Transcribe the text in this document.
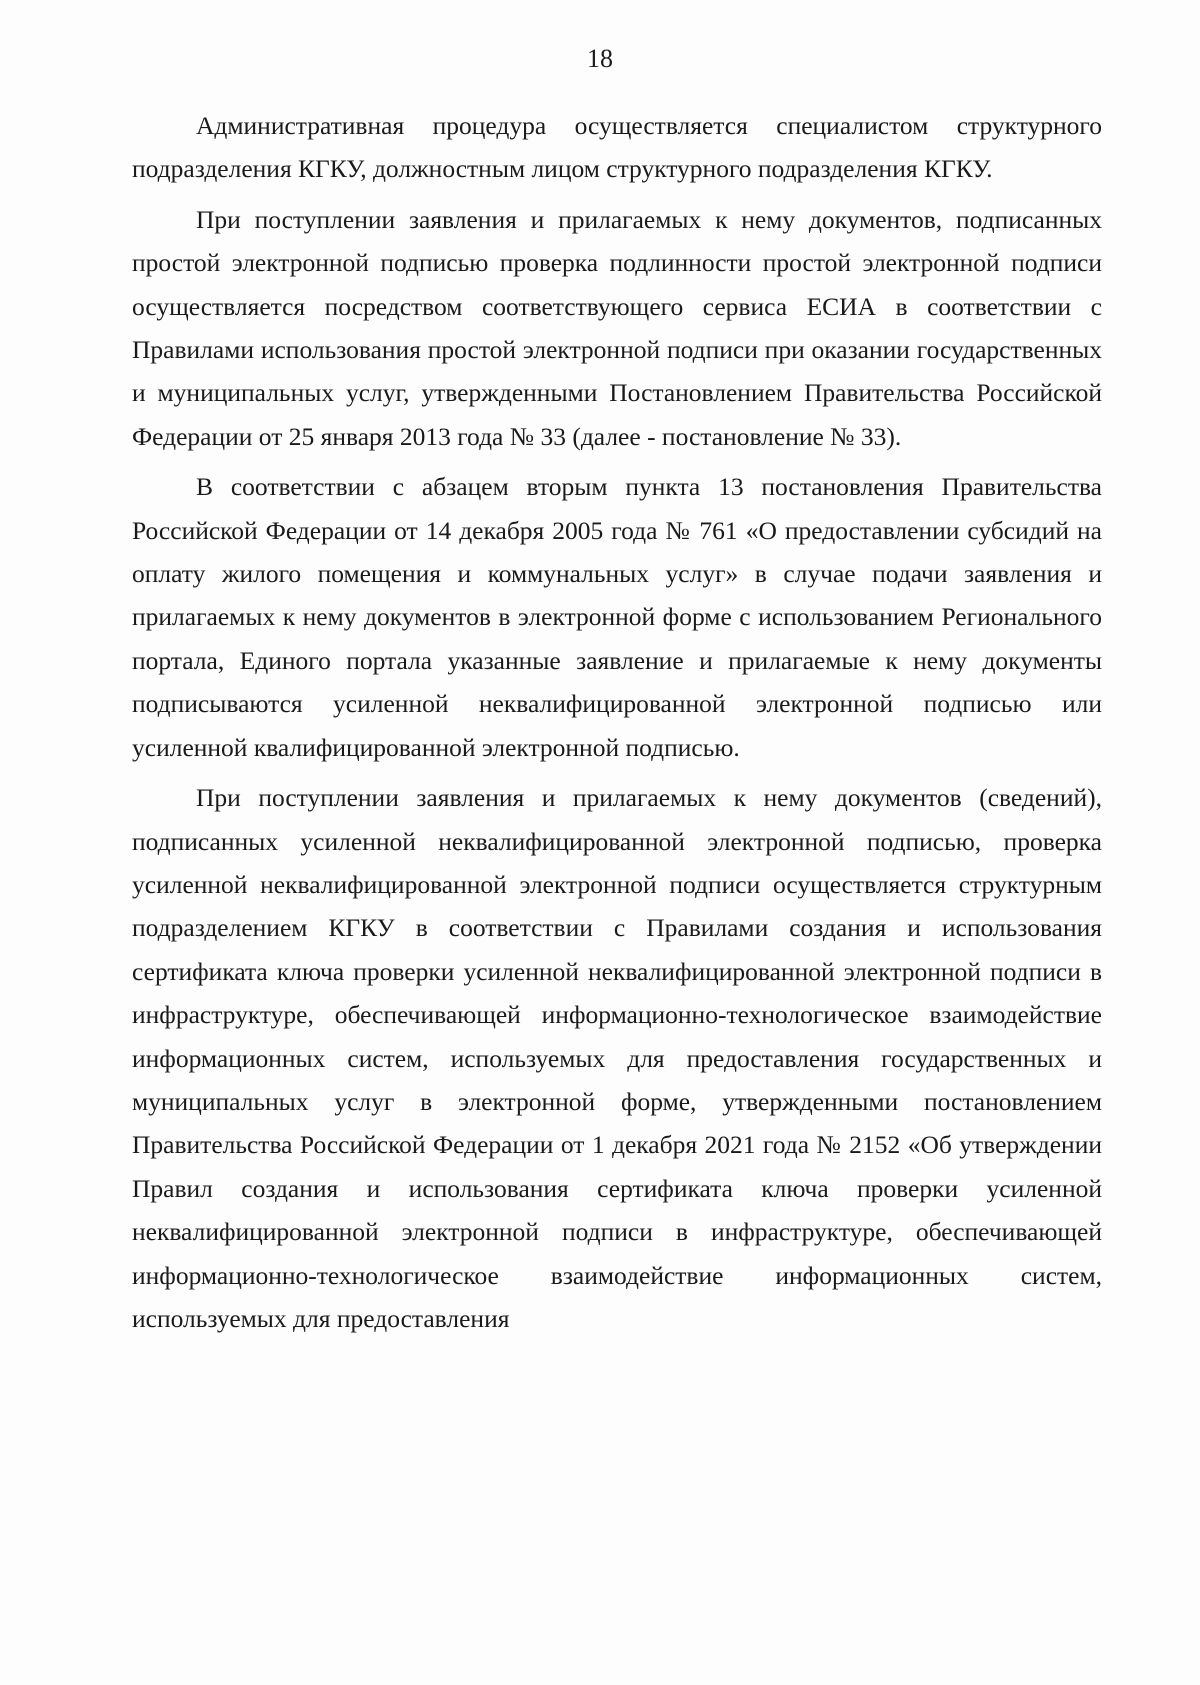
18

Административная процедура осуществляется специалистом структурного подразделения КГКУ, должностным лицом структурного подразделения КГКУ.

При поступлении заявления и прилагаемых к нему документов, подписанных простой электронной подписью проверка подлинности простой электронной подписи осуществляется посредством соответствующего сервиса ЕСИА в соответствии с Правилами использования простой электронной подписи при оказании государственных и муниципальных услуг, утвержденными Постановлением Правительства Российской Федерации от 25 января 2013 года № 33 (далее - постановление № 33).

В соответствии с абзацем вторым пункта 13 постановления Правительства Российской Федерации от 14 декабря 2005 года № 761 «О предоставлении субсидий на оплату жилого помещения и коммунальных услуг» в случае подачи заявления и прилагаемых к нему документов в электронной форме с использованием Регионального портала, Единого портала указанные заявление и прилагаемые к нему документы подписываются усиленной неквалифицированной электронной подписью или усиленной квалифицированной электронной подписью.

При поступлении заявления и прилагаемых к нему документов (сведений), подписанных усиленной неквалифицированной электронной подписью, проверка усиленной неквалифицированной электронной подписи осуществляется структурным подразделением КГКУ в соответствии с Правилами создания и использования сертификата ключа проверки усиленной неквалифицированной электронной подписи в инфраструктуре, обеспечивающей информационно-технологическое взаимодействие информационных систем, используемых для предоставления государственных и муниципальных услуг в электронной форме, утвержденными постановлением Правительства Российской Федерации от 1 декабря 2021 года № 2152 «Об утверждении Правил создания и использования сертификата ключа проверки усиленной неквалифицированной электронной подписи в инфраструктуре, обеспечивающей информационно-технологическое взаимодействие информационных систем, используемых для предоставления
